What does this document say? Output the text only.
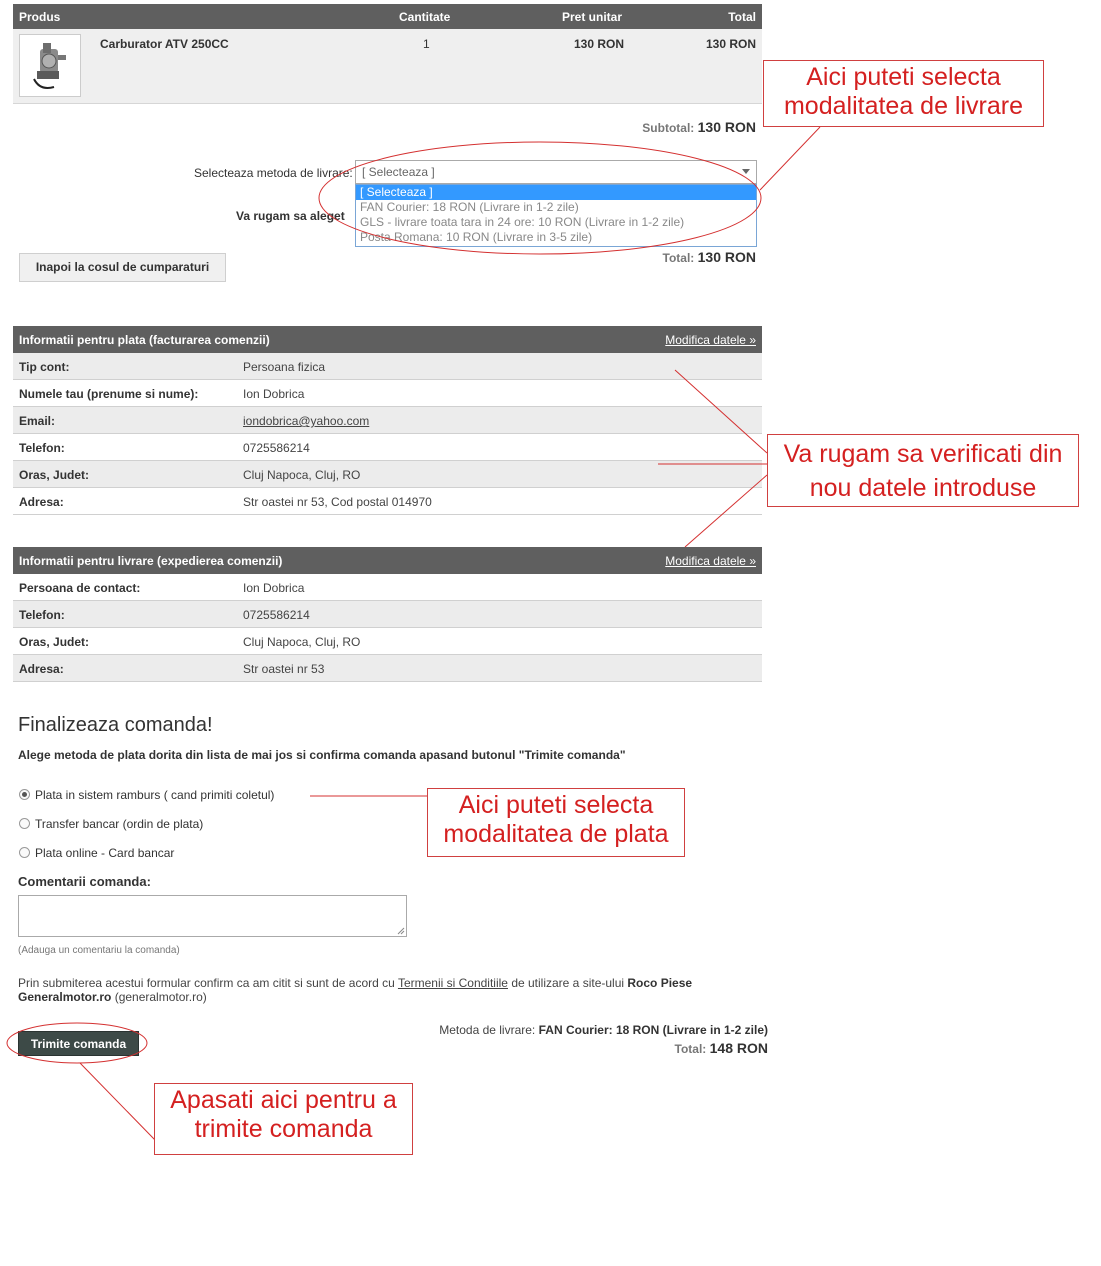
Produs	Cantitate	Pret unitar	Total
Carburator ATV 250CC	1	130 RON	130 RON
Subtotal: 130 RON
Selecteaza metoda de livrare: [ Selecteaza ]
Va rugam sa aleget
[ Selecteaza ]
FAN Courier: 18 RON (Livrare in 1-2 zile)
GLS - livrare toata tara in 24 ore: 10 RON (Livrare in 1-2 zile)
Posta Romana: 10 RON (Livrare in 3-5 zile)
Inapoi la cosul de cumparaturi
Total: 130 RON
Informatii pentru plata (facturarea comenzii)	Modifica datele »
Tip cont:	Persoana fizica
Numele tau (prenume si nume):	Ion Dobrica
Email:	iondobrica@yahoo.com
Telefon:	0725586214
Oras, Judet:	Cluj Napoca, Cluj, RO
Adresa:	Str oastei nr 53, Cod postal 014970
Informatii pentru livrare (expedierea comenzii)	Modifica datele »
Persoana de contact:	Ion Dobrica
Telefon:	0725586214
Oras, Judet:	Cluj Napoca, Cluj, RO
Adresa:	Str oastei nr 53
Finalizeaza comanda!
Alege metoda de plata dorita din lista de mai jos si confirma comanda apasand butonul "Trimite comanda"
Plata in sistem ramburs ( cand primiti coletul)
Transfer bancar (ordin de plata)
Plata online - Card bancar
Comentarii comanda:
(Adauga un comentariu la comanda)
Prin submiterea acestui formular confirm ca am citit si sunt de acord cu Termenii si Conditiile de utilizare a site-ului Roco Piese Generalmotor.ro (generalmotor.ro)
Trimite comanda
Metoda de livrare: FAN Courier: 18 RON (Livrare in 1-2 zile)
Total: 148 RON
Aici puteti selecta
modalitatea de livrare
Va rugam sa verificati din
nou datele introduse
Aici puteti selecta
modalitatea de plata
Apasati aici pentru a
trimite comanda
